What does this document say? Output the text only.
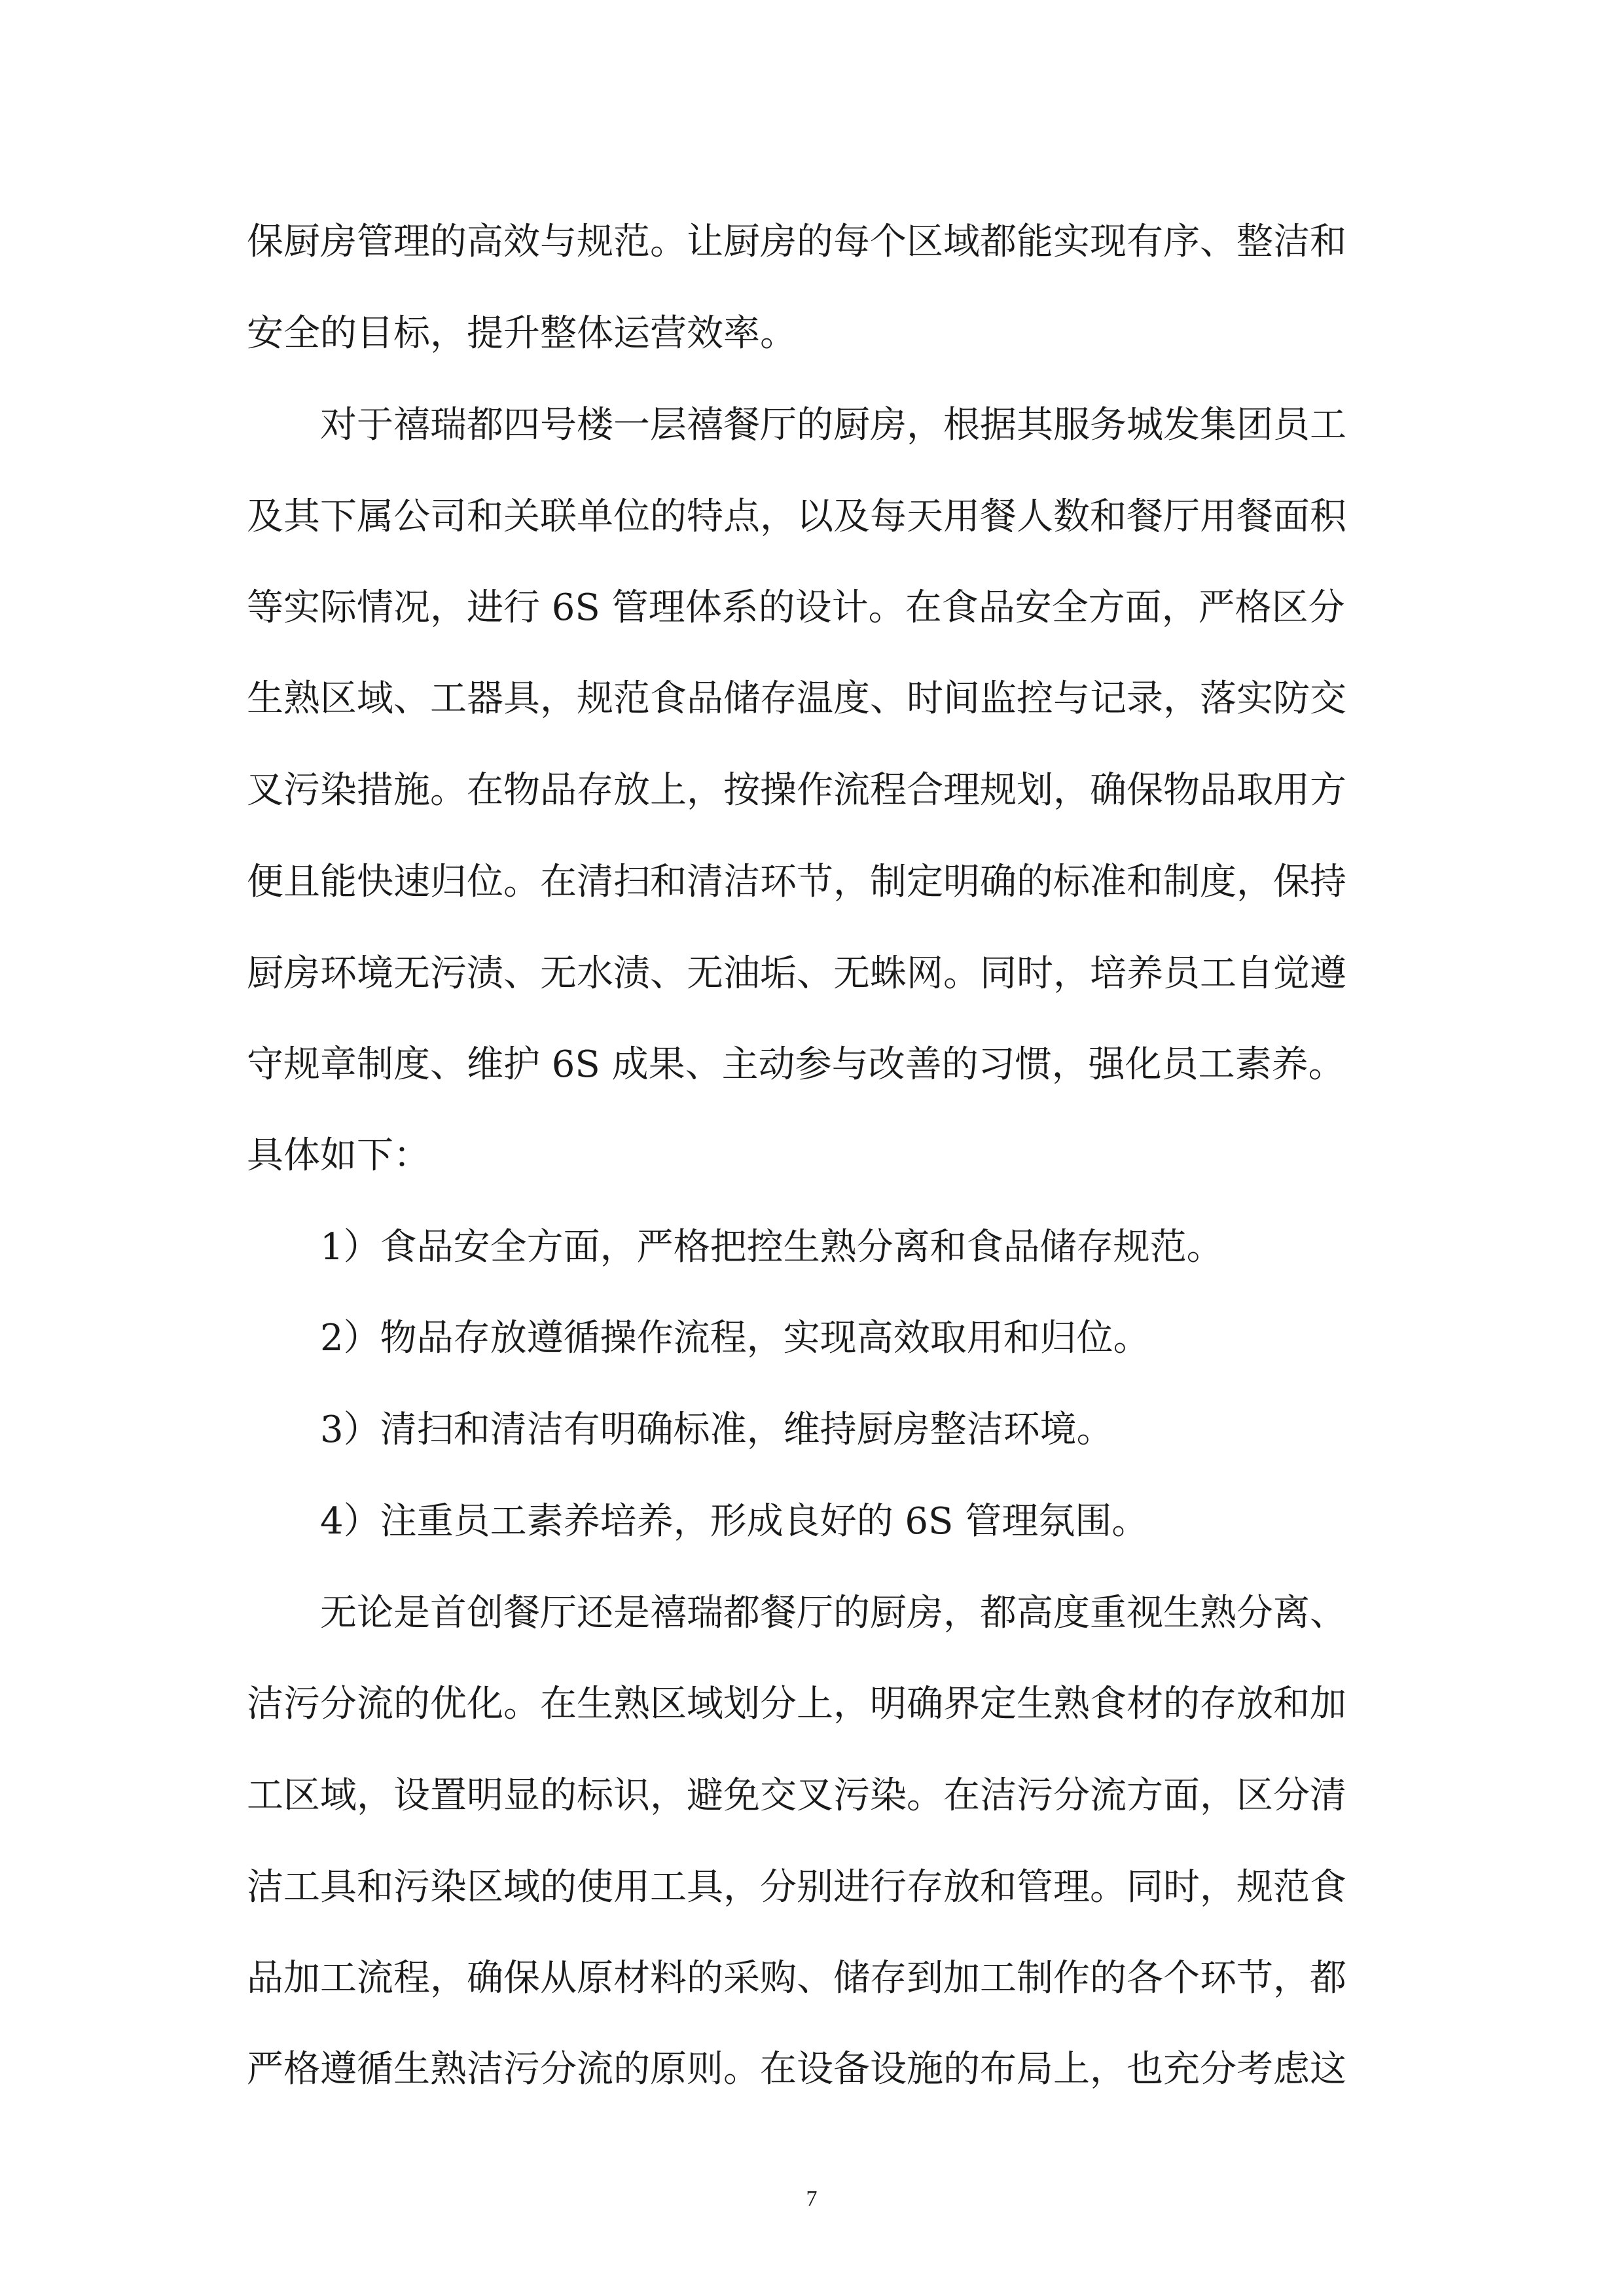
保厨房管理的高效与规范。让厨房的每个区域都能实现有序、整洁和
安全的目标，提升整体运营效率。
对于禧瑞都四号楼一层禧餐厅的厨房，根据其服务城发集团员工
及其下属公司和关联单位的特点，以及每天用餐人数和餐厅用餐面积
等实际情况，进行 6S 管理体系的设计。在食品安全方面，严格区分
生熟区域、工器具，规范食品储存温度、时间监控与记录，落实防交
叉污染措施。在物品存放上，按操作流程合理规划，确保物品取用方
便且能快速归位。在清扫和清洁环节，制定明确的标准和制度，保持
厨房环境无污渍、无水渍、无油垢、无蛛网。同时，培养员工自觉遵
守规章制度、维护 6S 成果、主动参与改善的习惯，强化员工素养。
具体如下：
1）食品安全方面，严格把控生熟分离和食品储存规范。
2）物品存放遵循操作流程，实现高效取用和归位。
3）清扫和清洁有明确标准，维持厨房整洁环境。
4）注重员工素养培养，形成良好的 6S 管理氛围。
无论是首创餐厅还是禧瑞都餐厅的厨房，都高度重视生熟分离、
洁污分流的优化。在生熟区域划分上，明确界定生熟食材的存放和加
工区域，设置明显的标识，避免交叉污染。在洁污分流方面，区分清
洁工具和污染区域的使用工具，分别进行存放和管理。同时，规范食
品加工流程，确保从原材料的采购、储存到加工制作的各个环节，都
严格遵循生熟洁污分流的原则。在设备设施的布局上，也充分考虑这
7
